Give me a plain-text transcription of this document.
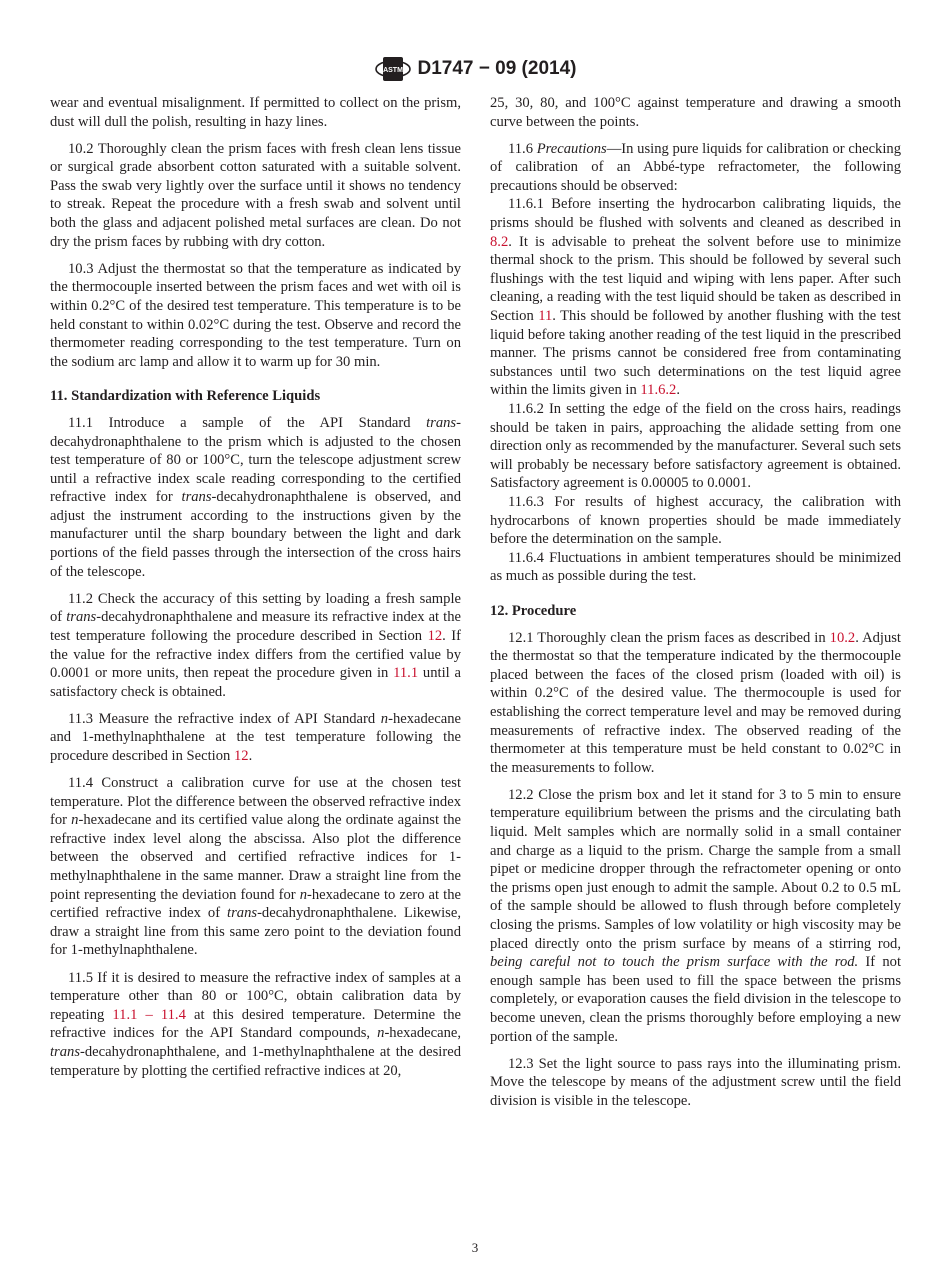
ASTM D1747 − 09 (2014)
wear and eventual misalignment. If permitted to collect on the prism, dust will dull the polish, resulting in hazy lines.
10.2 Thoroughly clean the prism faces with fresh clean lens tissue or surgical grade absorbent cotton saturated with a suitable solvent. Pass the swab very lightly over the surface until it shows no tendency to streak. Repeat the procedure with a fresh swab and solvent until both the glass and adjacent polished metal surfaces are clean. Do not dry the prism faces by rubbing with dry cotton.
10.3 Adjust the thermostat so that the temperature as indicated by the thermocouple inserted between the prism faces and wet with oil is within 0.2°C of the desired test temperature. This temperature is to be held constant to within 0.02°C during the test. Observe and record the thermometer reading corresponding to the test temperature. Turn on the sodium arc lamp and allow it to warm up for 30 min.
11. Standardization with Reference Liquids
11.1 Introduce a sample of the API Standard trans-decahydronaphthalene to the prism which is adjusted to the chosen test temperature of 80 or 100°C, turn the telescope adjustment screw until a refractive index scale reading corresponding to the certified refractive index for trans-decahydronaphthalene is observed, and adjust the instrument according to the instructions given by the manufacturer until the sharp boundary between the light and dark portions of the field passes through the intersection of the cross hairs of the telescope.
11.2 Check the accuracy of this setting by loading a fresh sample of trans-decahydronaphthalene and measure its refractive index at the test temperature following the procedure described in Section 12. If the value for the refractive index differs from the certified value by 0.0001 or more units, then repeat the procedure given in 11.1 until a satisfactory check is obtained.
11.3 Measure the refractive index of API Standard n-hexadecane and 1-methylnaphthalene at the test temperature following the procedure described in Section 12.
11.4 Construct a calibration curve for use at the chosen test temperature. Plot the difference between the observed refractive index for n-hexadecane and its certified value along the ordinate against the refractive index level along the abscissa. Also plot the difference between the observed and certified refractive indices for 1-methylnaphthalene in the same manner. Draw a straight line from the point representing the deviation found for n-hexadecane to zero at the certified refractive index of trans-decahydronaphthalene. Likewise, draw a straight line from this same zero point to the deviation found for 1-methylnaphthalene.
11.5 If it is desired to measure the refractive index of samples at a temperature other than 80 or 100°C, obtain calibration data by repeating 11.1 – 11.4 at this desired temperature. Determine the refractive indices for the API Standard compounds, n-hexadecane, trans-decahydronaphthalene, and 1-methylnaphthalene at the desired temperature by plotting the certified refractive indices at 20,
25, 30, 80, and 100°C against temperature and drawing a smooth curve between the points.
11.6 Precautions—In using pure liquids for calibration or checking of calibration of an Abbé-type refractometer, the following precautions should be observed:
11.6.1 Before inserting the hydrocarbon calibrating liquids, the prisms should be flushed with solvents and cleaned as described in 8.2. It is advisable to preheat the solvent before use to minimize thermal shock to the prism. This should be followed by several such flushings with the test liquid and wiping with lens paper. After such cleaning, a reading with the test liquid should be taken as described in Section 11. This should be followed by another flushing with the test liquid before taking another reading of the test liquid in the prescribed manner. The prisms cannot be considered free from contaminating substances until two such determinations on the test liquid agree within the limits given in 11.6.2.
11.6.2 In setting the edge of the field on the cross hairs, readings should be taken in pairs, approaching the alidade setting from one direction only as recommended by the manufacturer. Several such sets will probably be necessary before satisfactory agreement is obtained. Satisfactory agreement is 0.00005 to 0.0001.
11.6.3 For results of highest accuracy, the calibration with hydrocarbons of known properties should be made immediately before the determination on the sample.
11.6.4 Fluctuations in ambient temperatures should be minimized as much as possible during the test.
12. Procedure
12.1 Thoroughly clean the prism faces as described in 10.2. Adjust the thermostat so that the temperature indicated by the thermocouple placed between the faces of the closed prism (loaded with oil) is within 0.2°C of the desired value. The thermocouple is used for establishing the correct temperature level and may be removed during measurements of refractive index. The observed reading of the thermometer at this temperature must be held constant to 0.02°C in the measurements to follow.
12.2 Close the prism box and let it stand for 3 to 5 min to ensure temperature equilibrium between the prisms and the circulating bath liquid. Melt samples which are normally solid in a small container and charge as a liquid to the prism. Charge the sample from a small pipet or medicine dropper through the refractometer opening or onto the prisms open just enough to admit the sample. About 0.2 to 0.5 mL of the sample should be allowed to flush through before completely closing the prisms. Samples of low volatility or high viscosity may be placed directly onto the prism surface by means of a stirring rod, being careful not to touch the prism surface with the rod. If not enough sample has been used to fill the space between the prisms completely, or evaporation causes the field division in the telescope to become uneven, clean the prisms thoroughly before employing a new portion of the sample.
12.3 Set the light source to pass rays into the illuminating prism. Move the telescope by means of the adjustment screw until the field division is visible in the telescope.
3
